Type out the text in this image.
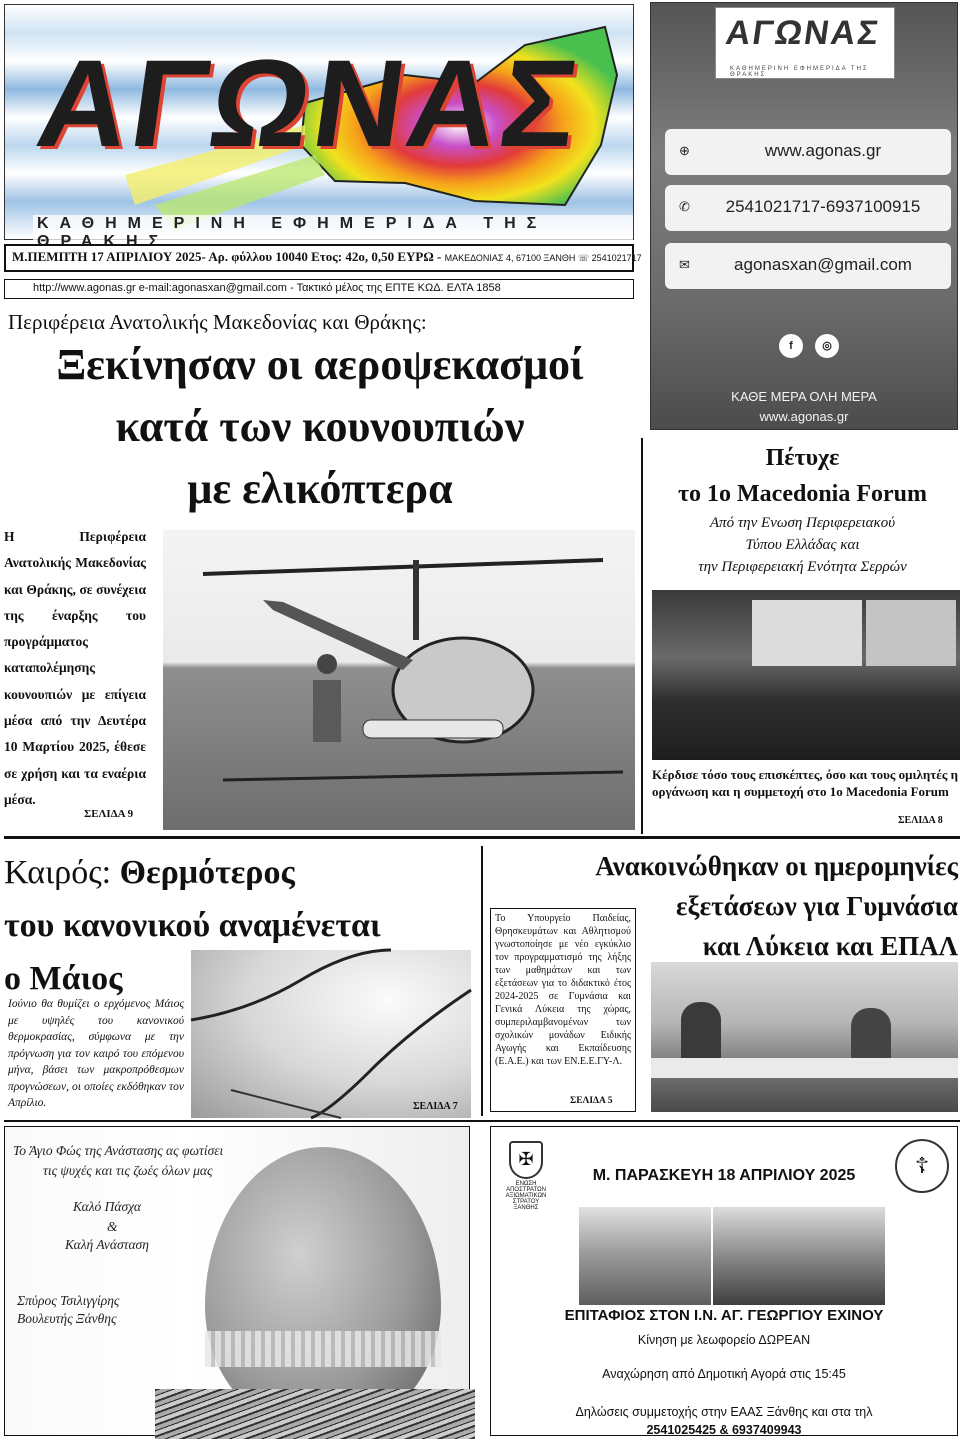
ΑΓΩΝΑΣ
ΚΑΘΗΜΕΡΙΝΗ ΕΦΗΜΕΡΙΔΑ ΤΗΣ ΘΡΑΚΗΣ
Μ.ΠΕΜΠΤΗ 17 ΑΠΡΙΛΙΟΥ 2025- Αρ. φύλλου 10040 Ετος: 42ο, 0,50 ΕΥΡΩ - ΜΑΚΕΔΟΝΙΑΣ 4, 67100 ΞΑΝΘΗ ☏ 2541021717
http://www.agonas.gr e-mail:agonasxan@gmail.com - Τακτικό μέλος της ΕΠΤΕ ΚΩΔ. ΕΛΤΑ 1858
ΑΓΩΝΑΣ
ΚΑΘΗΜΕΡΙΝΗ ΕΦΗΜΕΡΙΔΑ ΤΗΣ ΘΡΑΚΗΣ
⊕	www.agonas.gr
✆	2541021717-6937100915
✉	agonasxan@gmail.com
f	◎
ΚΑΘΕ ΜΕΡΑ ΟΛΗ ΜΕΡΑ
www.agonas.gr
Περιφέρεια Ανατολικής Μακεδονίας και Θράκης:
Ξεκίνησαν οι αεροψεκασμοί
κατά των κουνουπιών
με ελικόπτερα
Η Περιφέρεια Ανατολικής Μακεδονίας και Θράκης, σε συνέχεια της έναρξης του προγράμματος καταπολέμησης κουνουπιών με επίγεια μέσα από την Δευτέρα 10 Μαρτίου 2025, έθεσε σε χρήση και τα εναέρια μέσα.
ΣΕΛΙΔΑ 9
Πέτυχε
το 1ο Macedonia Forum
Από την Ενωση Περιφερειακού
Τύπου Ελλάδας και
την Περιφερειακή Ενότητα Σερρών
Κέρδισε τόσο τους επισκέπτες, όσο και τους ομιλητές η οργάνωση και η συμμετοχή στο 1ο Macedonia Forum
ΣΕΛΙΔΑ 8
Καιρός: Θερμότερος
του κανονικού αναμένεται
ο Μάιος
Ιούνιο θα θυμίζει ο ερχόμενος Μάιος με υψηλές του κανονικού θερμοκρασίας, σύμφωνα με την πρόγνωση για τον καιρό του επόμενου μήνα, βάσει των μακροπρόθεσμων προγνώσεων, οι οποίες εκδόθηκαν τον Απρίλιο.	ΣΕΛΙΔΑ 7
Ανακοινώθηκαν οι ημερομηνίες
εξετάσεων για Γυμνάσια
και Λύκεια και ΕΠΑΛ
Το Υπουργείο Παιδείας, Θρησκευμάτων και Αθλητισμού γνωστοποίησε με νέο εγκύκλιο τον προγραμματισμό της λήξης των μαθημάτων και των εξετάσεων για το διδακτικό έτος 2024-2025 σε Γυμνάσια και Γενικά Λύκεια της χώρας, συμπεριλαμβανομένων των σχολικών μονάδων Ειδικής Αγωγής και Εκπαίδευσης (Ε.Α.Ε.) και των ΕΝ.Ε.Ε.ΓΥ-Λ.
ΣΕΛΙΔΑ 5
Το Άγιο Φώς της Ανάστασης ας φωτίσει
τις ψυχές και τις ζωές όλων μας
Καλό Πάσχα
&
Καλή Ανάσταση
Σπύρος Τσιλιγγίρης
Βουλευτής Ξάνθης
✠
ΕΝΩΣΗ ΑΠΟΣΤΡΑΤΩΝ ΑΞΙΩΜΑΤΙΚΩΝ ΣΤΡΑΤΟΥ ΞΑΝΘΗΣ
☦
Μ. ΠΑΡΑΣΚΕΥΗ 18 ΑΠΡΙΛΙΟΥ 2025
ΕΠΙΤΑΦΙΟΣ ΣΤΟΝ Ι.Ν. ΑΓ. ΓΕΩΡΓΙΟΥ ΕΧΙΝΟΥ
Κίνηση με λεωφορείο ΔΩΡΕΑΝ
Αναχώρηση από Δημοτική Αγορά στις 15:45
Δηλώσεις συμμετοχής στην ΕΑΑΣ Ξάνθης και στα τηλ
2541025425 & 6937409943
